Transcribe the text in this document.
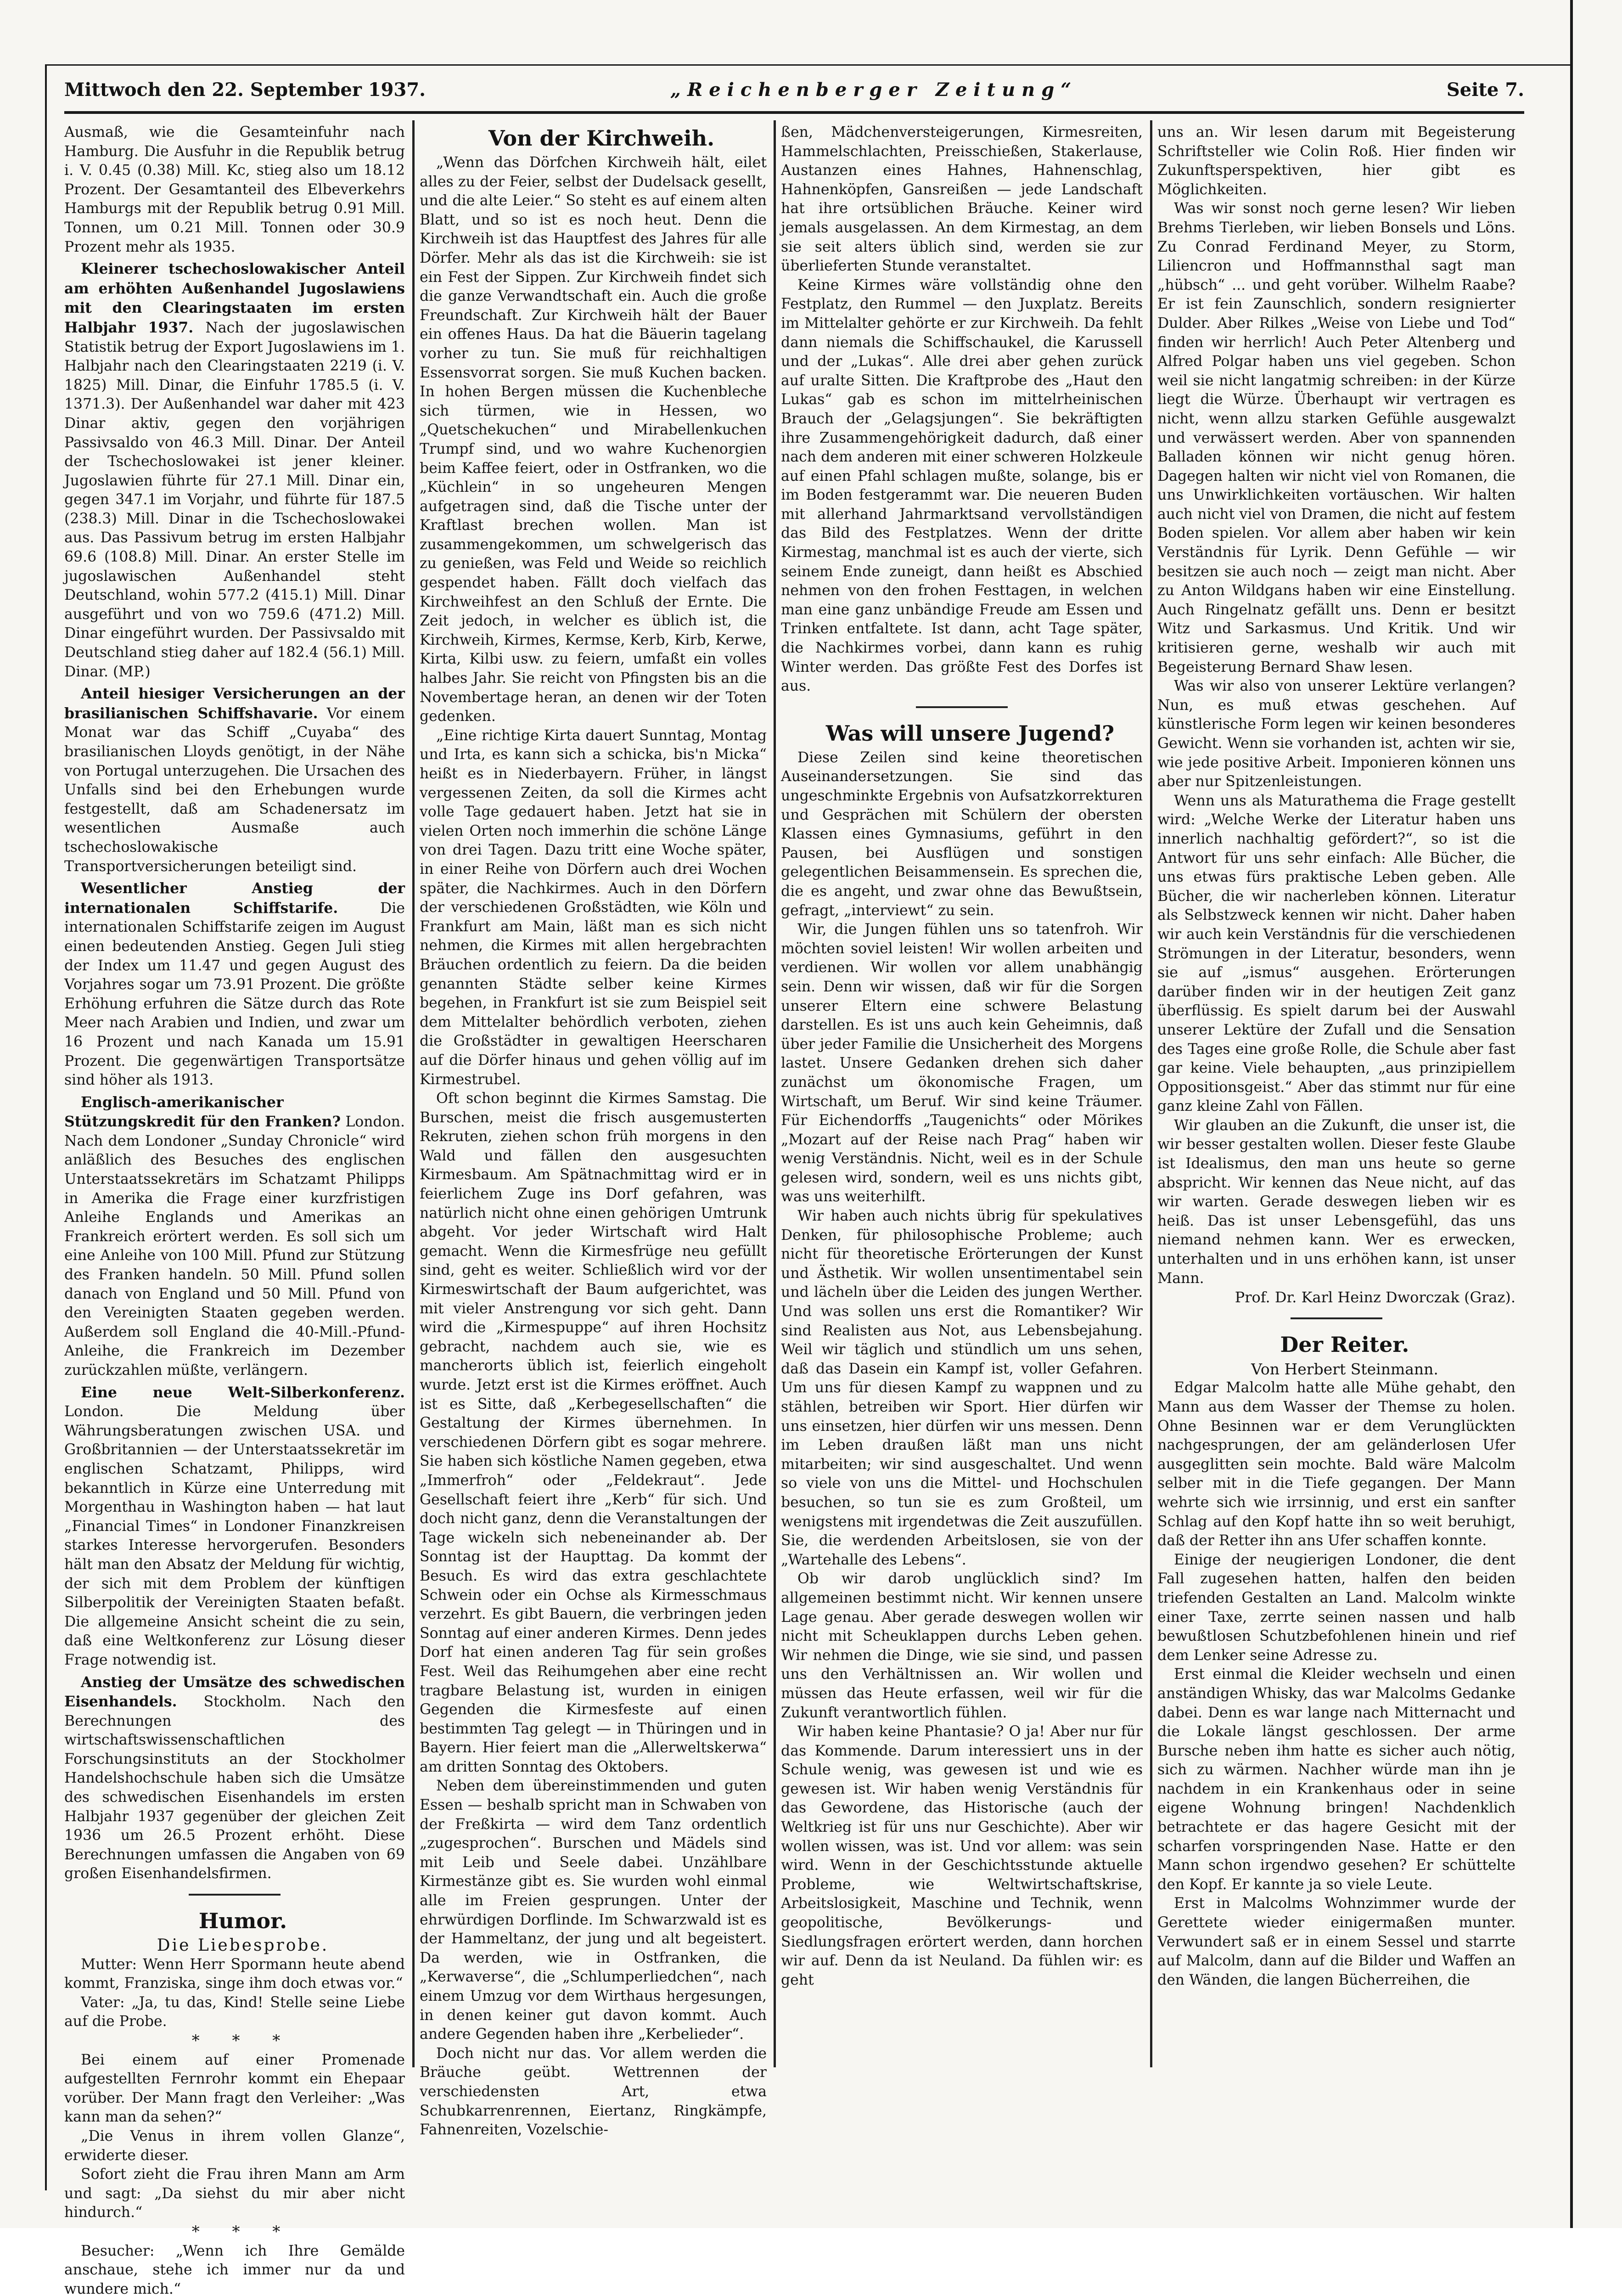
Mittwoch den 22. September 1937.	„Reichenberger Zeitung“	Seite 7.

Ausmaß, wie die Gesamteinfuhr nach Hamburg. Die Ausfuhr in die Republik betrug i. V. 0.45 (0.38) Mill. Kc, stieg also um 18.12 Prozent. Der Gesamtanteil des Elbeverkehrs Hamburgs mit der Republik betrug 0.91 Mill. Tonnen, um 0.21 Mill. Tonnen oder 30.9 Prozent mehr als 1935.

Kleinerer tschechoslowakischer Anteil am erhöhten Außenhandel Jugoslawiens mit den Clearingstaaten im ersten Halbjahr 1937. Nach der jugoslawischen Statistik betrug der Export Jugoslawiens im 1. Halbjahr nach den Clearingstaaten 2219 (i. V. 1825) Mill. Dinar, die Einfuhr 1785.5 (i. V. 1371.3). Der Außenhandel war daher mit 423 Dinar aktiv, gegen den vorjährigen Passivsaldo von 46.3 Mill. Dinar. Der Anteil der Tschechoslowakei ist jener kleiner. Jugoslawien führte für 27.1 Mill. Dinar ein, gegen 347.1 im Vorjahr, und führte für 187.5 (238.3) Mill. Dinar in die Tschechoslowakei aus. Das Passivum betrug im ersten Halbjahr 69.6 (108.8) Mill. Dinar. An erster Stelle im jugoslawischen Außenhandel steht Deutschland, wohin 577.2 (415.1) Mill. Dinar ausgeführt und von wo 759.6 (471.2) Mill. Dinar eingeführt wurden. Der Passivsaldo mit Deutschland stieg daher auf 182.4 (56.1) Mill. Dinar. (MP.)

Anteil hiesiger Versicherungen an der brasilianischen Schiffshavarie. Vor einem Monat war das Schiff „Cuyaba“ des brasilianischen Lloyds genötigt, in der Nähe von Portugal unterzugehen. Die Ursachen des Unfalls sind bei den Erhebungen wurde festgestellt, daß am Schadenersatz im wesentlichen Ausmaße auch tschechoslowakische Transportversicherungen beteiligt sind.

Wesentlicher Anstieg der internationalen Schiffstarife.	Die internationalen Schiffstarife zeigen im August einen bedeutenden Anstieg. Gegen Juli stieg der Index um 11.47 und gegen August des Vorjahres sogar um 73.91 Prozent. Die größte Erhöhung erfuhren die Sätze durch das Rote Meer nach Arabien und Indien, und zwar um 16 Prozent und nach Kanada um 15.91 Prozent. Die gegenwärtigen Transportsätze sind höher als 1913.

Englisch-amerikanischer Stützungskredit für den Franken? London. Nach dem Londoner „Sunday Chronicle“ wird anläßlich des Besuches des englischen Unterstaatssekretärs im Schatzamt Philipps in Amerika die Frage einer kurzfristigen Anleihe Englands und Amerikas an Frankreich erörtert werden. Es soll sich um eine Anleihe von 100 Mill. Pfund zur Stützung des Franken handeln. 50 Mill. Pfund sollen danach von England und 50 Mill. Pfund von den Vereinigten Staaten gegeben werden. Außerdem soll England die 40-Mill.-Pfund-Anleihe, die Frankreich im Dezember zurückzahlen müßte, verlängern.

Eine neue Welt-Silberkonferenz. London. Die Meldung über Währungsberatungen zwischen USA. und Großbritannien — der Unterstaatssekretär im englischen Schatzamt, Philipps, wird bekanntlich in Kürze eine Unterredung mit Morgenthau in Washington haben — hat laut „Financial Times“ in Londoner Finanzkreisen starkes Interesse hervorgerufen. Besonders hält man den Absatz der Meldung für wichtig, der sich mit dem Problem der künftigen Silberpolitik der Vereinigten Staaten befaßt. Die allgemeine Ansicht scheint die zu sein, daß eine Weltkonferenz zur Lösung dieser Frage notwendig ist.

Anstieg der Umsätze des schwedischen Eisenhandels. Stockholm. Nach den Berechnungen des wirtschaftswissenschaftlichen Forschungsinstituts an der Stockholmer Handelshochschule haben sich die Umsätze des schwedischen Eisenhandels im ersten Halbjahr 1937 gegenüber der gleichen Zeit 1936 um 26.5 Prozent erhöht. Diese Berechnungen umfassen die Angaben von 69 großen Eisenhandelsfirmen.

Humor.

Die Liebesprobe.

Mutter: Wenn Herr Spormann heute abend kommt, Franziska, singe ihm doch etwas vor.“

Vater: „Ja, tu das, Kind! Stelle seine Liebe auf die Probe.

* * *

Bei einem auf einer Promenade aufgestellten Fernrohr kommt ein Ehepaar vorüber. Der Mann fragt den Verleiher: „Was kann man da sehen?“

„Die Venus in ihrem vollen Glanze“, erwiderte dieser.

Sofort zieht die Frau ihren Mann am Arm und sagt: „Da siehst du mir aber nicht hindurch.“

* * *

Besucher: „Wenn ich Ihre Gemälde anschaue, stehe ich immer nur da und wundere mich.“

Von der Kirchweih.

„Wenn das Dörfchen Kirchweih hält, eilet alles zu der Feier, selbst der Dudelsack gesellt, und die alte Leier.“ So steht es auf einem alten Blatt, und so ist es noch heut. Denn die Kirchweih ist das Hauptfest des Jahres für alle Dörfer. Mehr als das ist die Kirchweih: sie ist ein Fest der Sippen. Zur Kirchweih findet sich die ganze Verwandtschaft ein. Auch die große Freundschaft. Zur Kirchweih hält der Bauer ein offenes Haus. Da hat die Bäuerin tagelang vorher zu tun. Sie muß für reichhaltigen Essensvorrat sorgen. Sie muß Kuchen backen. In hohen Bergen müssen die Kuchenbleche sich türmen, wie in Hessen, wo „Quetschekuchen“ und Mirabellenkuchen Trumpf sind, und wo wahre Kuchenorgien beim Kaffee feiert, oder in Ostfranken, wo die „Küchlein“ in so ungeheuren Mengen aufgetragen sind, daß die Tische unter der Kraftlast brechen wollen. Man ist zusammengekommen, um schwelgerisch das zu genießen, was Feld und Weide so reichlich gespendet haben. Fällt doch vielfach das Kirchweihfest an den Schluß der Ernte. Die Zeit jedoch, in welcher es üblich ist, die Kirchweih, Kirmes, Kermse, Kerb, Kirb, Kerwe, Kirta, Kilbi usw. zu feiern, umfaßt ein volles halbes Jahr. Sie reicht von Pfingsten bis an die Novembertage heran, an denen wir der Toten gedenken.

„Eine richtige Kirta dauert Sunntag, Montag und Irta, es kann sich a schicka, bis'n Micka“ heißt es in Niederbayern. Früher, in längst vergessenen Zeiten, da soll die Kirmes acht volle Tage gedauert haben. Jetzt hat sie in vielen Orten noch immerhin die schöne Länge von drei Tagen. Dazu tritt eine Woche später, in einer Reihe von Dörfern auch drei Wochen später, die Nachkirmes. Auch in den Dörfern der verschiedenen Großstädten, wie Köln und Frankfurt am Main, läßt man es sich nicht nehmen, die Kirmes mit allen hergebrachten Bräuchen ordentlich zu feiern. Da die beiden genannten Städte selber keine Kirmes begehen, in Frankfurt ist sie zum Beispiel seit dem Mittelalter behördlich verboten, ziehen die Großstädter in gewaltigen Heerscharen auf die Dörfer hinaus und gehen völlig auf im Kirmestrubel.

Oft schon beginnt die Kirmes Samstag. Die Burschen, meist die frisch ausgemusterten Rekruten, ziehen schon früh morgens in den Wald und fällen den ausgesuchten Kirmesbaum. Am Spätnachmittag wird er in feierlichem Zuge ins Dorf gefahren, was natürlich nicht ohne einen gehörigen Umtrunk abgeht. Vor jeder Wirtschaft wird Halt gemacht. Wenn die Kirmesfrüge neu gefüllt sind, geht es weiter. Schließlich wird vor der Kirmeswirtschaft der Baum aufgerichtet, was mit vieler Anstrengung vor sich geht. Dann wird die „Kirmespuppe“ auf ihren Hochsitz gebracht, nachdem auch sie, wie es mancherorts üblich ist, feierlich eingeholt wurde. Jetzt erst ist die Kirmes eröffnet. Auch ist es Sitte, daß „Kerbegesellschaften“ die Gestaltung der Kirmes übernehmen. In verschiedenen Dörfern gibt es sogar mehrere. Sie haben sich köstliche Namen gegeben, etwa „Immerfroh“ oder „Feldekraut“. Jede Gesellschaft feiert ihre „Kerb“ für sich. Und doch nicht ganz, denn die Veranstaltungen der Tage wickeln sich nebeneinander ab. Der Sonntag ist der Haupttag. Da kommt der Besuch. Es wird das extra geschlachtete Schwein oder ein Ochse als Kirmesschmaus verzehrt. Es gibt Bauern, die verbringen jeden Sonntag auf einer anderen Kirmes. Denn jedes Dorf hat einen anderen Tag für sein großes Fest. Weil das Reihumgehen aber eine recht tragbare Belastung ist, wurden in einigen Gegenden die Kirmesfeste auf einen bestimmten Tag gelegt — in Thüringen und in Bayern. Hier feiert man die „Allerweltskerwa“ am dritten Sonntag des Oktobers.

Neben dem übereinstimmenden und guten Essen — beshalb spricht man in Schwaben von der Freßkirta — wird dem Tanz ordentlich „zugesprochen“. Burschen und Mädels sind mit Leib und Seele dabei. Unzählbare Kirmestänze gibt es. Sie wurden wohl einmal alle im Freien gesprungen. Unter der ehrwürdigen Dorflinde. Im Schwarzwald ist es der Hammeltanz, der jung und alt begeistert. Da werden, wie in Ostfranken, die „Kerwaverse“, die „Schlumperliedchen“, nach einem Umzug vor dem Wirthaus hergesungen, in denen keiner gut davon kommt. Auch andere Gegenden haben ihre „Kerbelieder“.

Doch nicht nur das. Vor allem werden die Bräuche geübt. Wettrennen der verschiedensten Art, etwa Schubkarrenrennen, Eiertanz, Ringkämpfe, Fahnenreiten, Vozelschie-

ßen, Mädchenversteigerungen, Kirmesreiten, Hammelschlachten, Preisschießen, Stakerlause, Austanzen eines Hahnes, Hahnenschlag, Hahnenköpfen, Gansreißen — jede Landschaft hat ihre ortsüblichen Bräuche. Keiner wird jemals ausgelassen. An dem Kirmestag, an dem sie seit alters üblich sind, werden sie zur überlieferten Stunde veranstaltet.

Keine Kirmes wäre vollständig ohne den Festplatz, den Rummel — den Juxplatz. Bereits im Mittelalter gehörte er zur Kirchweih. Da fehlt dann niemals die Schiffschaukel, die Karussell und der „Lukas“. Alle drei aber gehen zurück auf uralte Sitten. Die Kraftprobe des „Haut den Lukas“ gab es schon im mittelrheinischen Brauch der „Gelagsjungen“. Sie bekräftigten ihre Zusammengehörigkeit dadurch, daß einer nach dem anderen mit einer schweren Holzkeule auf einen Pfahl schlagen mußte, solange, bis er im Boden festgerammt war. Die neueren Buden mit allerhand Jahrmarktsand vervollständigen das Bild des Festplatzes. Wenn der dritte Kirmestag, manchmal ist es auch der vierte, sich seinem Ende zuneigt, dann heißt es Abschied nehmen von den frohen Festtagen, in welchen man eine ganz unbändige Freude am Essen und Trinken entfaltete. Ist dann, acht Tage später, die Nachkirmes vorbei, dann kann es ruhig Winter werden. Das größte Fest des Dorfes ist aus.

Was will unsere Jugend?

Diese Zeilen sind keine theoretischen Auseinandersetzungen. Sie sind das ungeschminkte Ergebnis von Aufsatzkorrekturen und Gesprächen mit Schülern der obersten Klassen eines Gymnasiums, geführt in den Pausen, bei Ausflügen und sonstigen gelegentlichen Beisammensein. Es sprechen die, die es angeht, und zwar ohne das Bewußtsein, gefragt, „interviewt“ zu sein.

Wir, die Jungen fühlen uns so tatenfroh. Wir möchten soviel leisten! Wir wollen arbeiten und verdienen. Wir wollen vor allem unabhängig sein. Denn wir wissen, daß wir für die Sorgen unserer Eltern eine schwere Belastung darstellen. Es ist uns auch kein Geheimnis, daß über jeder Familie die Unsicherheit des Morgens lastet. Unsere Gedanken drehen sich daher zunächst um ökonomische Fragen, um Wirtschaft, um Beruf. Wir sind keine Träumer. Für Eichendorffs „Taugenichts“ oder Mörikes „Mozart auf der Reise nach Prag“ haben wir wenig Verständnis. Nicht, weil es in der Schule gelesen wird, sondern, weil es uns nichts gibt, was uns weiterhilft.

Wir haben auch nichts übrig für spekulatives Denken, für philosophische Probleme; auch nicht für theoretische Erörterungen der Kunst und Ästhetik. Wir wollen unsentimentabel sein und lächeln über die Leiden des jungen Werther. Und was sollen uns erst die Romantiker? Wir sind Realisten aus Not, aus Lebensbejahung. Weil wir täglich und stündlich um uns sehen, daß das Dasein ein Kampf ist, voller Gefahren. Um uns für diesen Kampf zu wappnen und zu stählen, betreiben wir Sport. Hier dürfen wir uns einsetzen, hier dürfen wir uns messen. Denn im Leben draußen läßt man uns nicht mitarbeiten; wir sind ausgeschaltet. Und wenn so viele von uns die Mittel- und Hochschulen besuchen, so tun sie es zum Großteil, um wenigstens mit irgendetwas die Zeit auszufüllen. Sie, die werdenden Arbeitslosen, sie von der „Wartehalle des Lebens“.

Ob wir darob unglücklich sind? Im allgemeinen bestimmt nicht. Wir kennen unsere Lage genau. Aber gerade deswegen wollen wir nicht mit Scheuklappen durchs Leben gehen. Wir nehmen die Dinge, wie sie sind, und passen uns den Verhältnissen an. Wir wollen und müssen das Heute erfassen, weil wir für die Zukunft verantwortlich fühlen.

Wir haben keine Phantasie? O ja! Aber nur für das Kommende. Darum interessiert uns in der Schule wenig, was gewesen ist und wie es gewesen ist. Wir haben wenig Verständnis für das Gewordene, das Historische (auch der Weltkrieg ist für uns nur Geschichte). Aber wir wollen wissen, was ist. Und vor allem: was sein wird. Wenn in der Geschichtsstunde aktuelle Probleme, wie Weltwirtschaftskrise, Arbeitslosigkeit, Maschine und Technik, wenn geopolitische, Bevölkerungs- und Siedlungsfragen erörtert werden, dann horchen wir auf. Denn da ist Neuland. Da fühlen wir: es geht

uns an. Wir lesen darum mit Begeisterung Schriftsteller wie Colin Roß. Hier finden wir Zukunftsperspektiven, hier gibt es Möglichkeiten.

Was wir sonst noch gerne lesen? Wir lieben Brehms Tierleben, wir lieben Bonsels und Löns. Zu Conrad Ferdinand Meyer, zu Storm, Liliencron und Hoffmannsthal sagt man „hübsch“ ... und geht vorüber. Wilhelm Raabe? Er ist fein Zaunschlich, sondern resignierter Dulder. Aber Rilkes „Weise von Liebe und Tod“ finden wir herrlich! Auch Peter Altenberg und Alfred Polgar haben uns viel gegeben. Schon weil sie nicht langatmig schreiben: in der Kürze liegt die Würze. Überhaupt wir vertragen es nicht, wenn allzu starken Gefühle ausgewalzt und verwässert werden. Aber von spannenden Balladen können wir nicht genug hören. Dagegen halten wir nicht viel von Romanen, die uns Unwirklichkeiten vortäuschen. Wir halten auch nicht viel von Dramen, die nicht auf festem Boden spielen. Vor allem aber haben wir kein Verständnis für Lyrik. Denn Gefühle — wir besitzen sie auch noch — zeigt man nicht. Aber zu Anton Wildgans haben wir eine Einstellung. Auch Ringelnatz gefällt uns. Denn er besitzt Witz und Sarkasmus. Und Kritik. Und wir kritisieren gerne, weshalb wir auch mit Begeisterung Bernard Shaw lesen.

Was wir also von unserer Lektüre verlangen? Nun, es muß etwas geschehen. Auf künstlerische Form legen wir keinen besonderes Gewicht. Wenn sie vorhanden ist, achten wir sie, wie jede positive Arbeit. Imponieren können uns aber nur Spitzenleistungen.

Wenn uns als Maturathema die Frage gestellt wird: „Welche Werke der Literatur haben uns innerlich nachhaltig gefördert?“, so ist die Antwort für uns sehr einfach: Alle Bücher, die uns etwas fürs praktische Leben geben. Alle Bücher, die wir nacherleben können. Literatur als Selbstzweck kennen wir nicht. Daher haben wir auch kein Verständnis für die verschiedenen Strömungen in der Literatur, besonders, wenn sie auf „ismus“ ausgehen. Erörterungen darüber finden wir in der heutigen Zeit ganz überflüssig. Es spielt darum bei der Auswahl unserer Lektüre der Zufall und die Sensation des Tages eine große Rolle, die Schule aber fast gar keine. Viele behaupten, „aus prinzipiellem Oppositionsgeist.“ Aber das stimmt nur für eine ganz kleine Zahl von Fällen.

Wir glauben an die Zukunft, die unser ist, die wir besser gestalten wollen. Dieser feste Glaube ist Idealismus, den man uns heute so gerne abspricht. Wir kennen das Neue nicht, auf das wir warten. Gerade deswegen lieben wir es heiß. Das ist unser Lebensgefühl, das uns niemand nehmen kann. Wer es erwecken, unterhalten und in uns erhöhen kann, ist unser Mann.

Prof. Dr. Karl Heinz Dworczak (Graz).

Der Reiter.

Von Herbert Steinmann.

Edgar Malcolm hatte alle Mühe gehabt, den Mann aus dem Wasser der Themse zu holen. Ohne Besinnen war er dem Verunglückten nachgesprungen, der am geländerlosen Ufer ausgeglitten sein mochte. Bald wäre Malcolm selber mit in die Tiefe gegangen. Der Mann wehrte sich wie irrsinnig, und erst ein sanfter Schlag auf den Kopf hatte ihn so weit beruhigt, daß der Retter ihn ans Ufer schaffen konnte.

Einige der neugierigen Londoner, die dent Fall zugesehen hatten, halfen den beiden triefenden Gestalten an Land. Malcolm winkte einer Taxe, zerrte seinen nassen und halb bewußtlosen Schutzbefohlenen hinein und rief dem Lenker seine Adresse zu.

Erst einmal die Kleider wechseln und einen anständigen Whisky, das war Malcolms Gedanke dabei. Denn es war lange nach Mitternacht und die Lokale längst geschlossen. Der arme Bursche neben ihm hatte es sicher auch nötig, sich zu wärmen. Nachher würde man ihn je nachdem in ein Krankenhaus oder in seine eigene Wohnung bringen! Nachdenklich betrachtete er das hagere Gesicht mit der scharfen vorspringenden Nase. Hatte er den Mann schon irgendwo gesehen? Er schüttelte den Kopf. Er kannte ja so viele Leute.

Erst in Malcolms Wohnzimmer wurde der Gerettete wieder einigermaßen munter. Verwundert saß er in einem Sessel und starrte auf Malcolm, dann auf die Bilder und Waffen an den Wänden, die langen Bücherreihen, die
